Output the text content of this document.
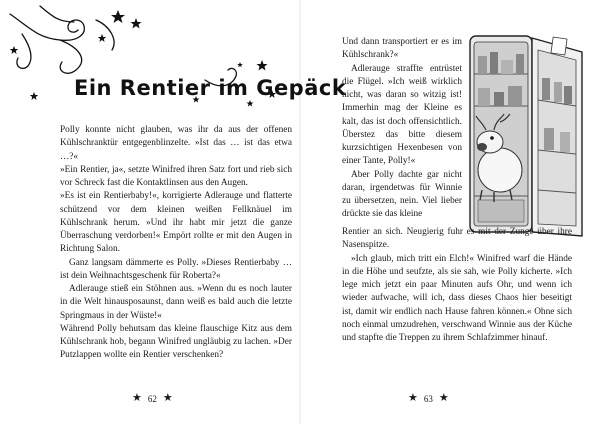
Ein Rentier im Gepäck

Polly konnte nicht glauben, was ihr da aus der offenen Kühlschranktür entgegenblinzelte. »Ist das … ist das etwa …?«

»Ein Rentier, ja«, setzte Winifred ihren Satz fort und rieb sich vor Schreck fast die Kontaktlinsen aus den Augen.

»Es ist ein Rentierbaby!«, korrigierte Adlerauge und flatterte schützend vor dem kleinen weißen Fellknäuel im Kühlschrank herum. »Und ihr habt mir jetzt die ganze Überraschung verdorben!« Empört rollte er mit den Augen in Richtung Salon.

Ganz langsam dämmerte es Polly. »Dieses Rentierbaby … ist dein Weihnachtsgeschenk für Roberta?«

Adlerauge stieß ein Stöhnen aus. »Wenn du es noch lauter in die Welt hinausposaunst, dann weiß es bald auch die letzte Springmaus in der Wüste!«

Während Polly behutsam das kleine flauschige Kitz aus dem Kühlschrank hob, begann Winifred ungläubig zu lachen. »Der Putzlappen wollte ein Rentier verschenken?

★ 62 ★

Und dann transportiert er es im Kühlschrank?«

Adlerauge straffte entrüstet die Flügel. »Ich weiß wirklich nicht, was daran so witzig ist! Immerhin mag der Kleine es kalt, das ist doch offensichtlich. Überstez das bitte diesem kurzsichtigen Hexenbesen von einer Tante, Polly!«

Aber Polly dachte gar nicht daran, irgendetwas für Winnie zu übersetzen, nein. Viel lieber drückte sie das kleine

Rentier an sich. Neugierig fuhr es mit der Zunge über ihre Nasenspitze.

»Ich glaub, mich tritt ein Elch!« Winifred warf die Hände in die Höhe und seufzte, als sie sah, wie Polly kicherte. »Ich lege mich jetzt ein paar Minuten aufs Ohr, und wenn ich wieder aufwache, will ich, dass dieses Chaos hier beseitigt ist, damit wir endlich nach Hause fahren können.« Ohne sich noch einmal umzudrehen, verschwand Winnie aus der Küche und stapfte die Treppen zu ihrem Schlafzimmer hinauf.

★ 63 ★
